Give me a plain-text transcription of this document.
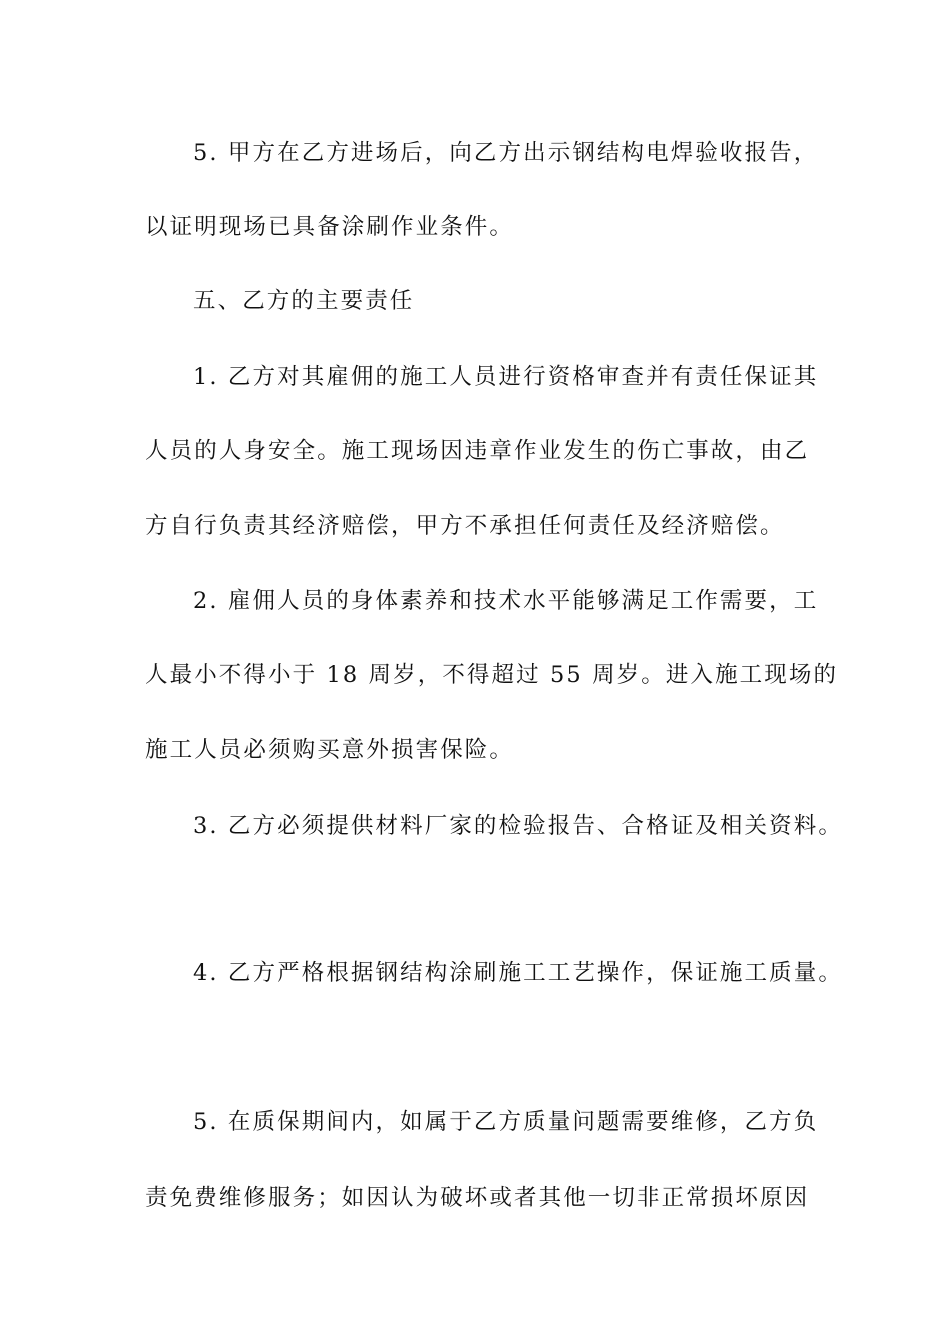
5. 甲方在乙方进场后，向乙方出示钢结构电焊验收报告，
以证明现场已具备涂刷作业条件。
五、乙方的主要责任
1. 乙方对其雇佣的施工人员进行资格审查并有责任保证其
人员的人身安全。施工现场因违章作业发生的伤亡事故，由乙
方自行负责其经济赔偿，甲方不承担任何责任及经济赔偿。
2. 雇佣人员的身体素养和技术水平能够满足工作需要，工
人最小不得小于 18 周岁，不得超过 55 周岁。进入施工现场的
施工人员必须购买意外损害保险。
3. 乙方必须提供材料厂家的检验报告、合格证及相关资料。
4. 乙方严格根据钢结构涂刷施工工艺操作，保证施工质量。
5. 在质保期间内，如属于乙方质量问题需要维修，乙方负
责免费维修服务；如因认为破坏或者其他一切非正常损坏原因
